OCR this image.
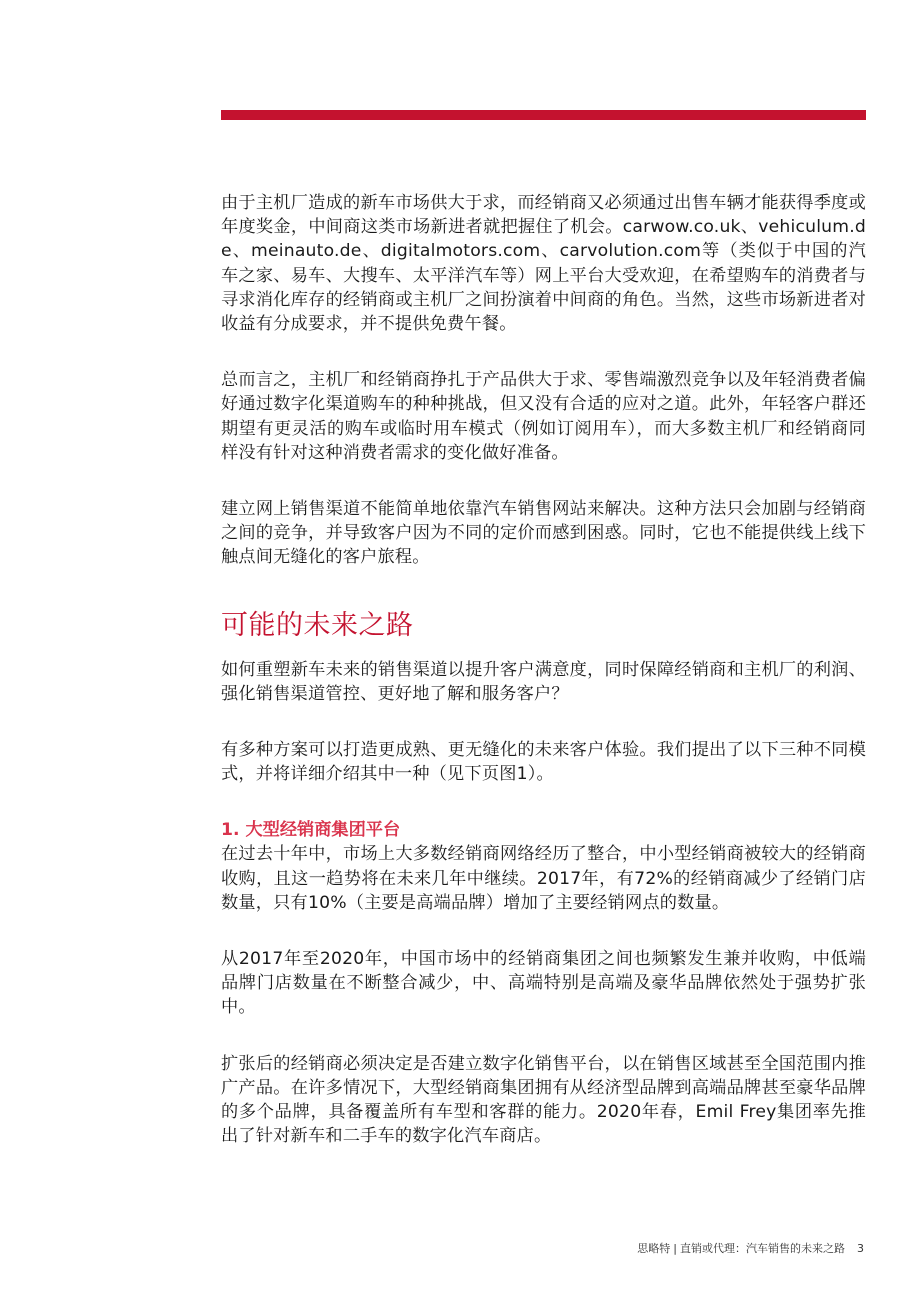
由于主机厂造成的新车市场供大于求，而经销商又必须通过出售车辆才能获得季度或年度奖金，中间商这类市场新进者就把握住了机会。carwow.co.uk、vehiculum.de、meinauto.de、digitalmotors.com、carvolution.com等（类似于中国的汽车之家、易车、大搜车、太平洋汽车等）网上平台大受欢迎，在希望购车的消费者与寻求消化库存的经销商或主机厂之间扮演着中间商的角色。当然，这些市场新进者对收益有分成要求，并不提供免费午餐。

总而言之，主机厂和经销商挣扎于产品供大于求、零售端激烈竞争以及年轻消费者偏好通过数字化渠道购车的种种挑战，但又没有合适的应对之道。此外，年轻客户群还期望有更灵活的购车或临时用车模式（例如订阅用车），而大多数主机厂和经销商同样没有针对这种消费者需求的变化做好准备。

建立网上销售渠道不能简单地依靠汽车销售网站来解决。这种方法只会加剧与经销商之间的竞争，并导致客户因为不同的定价而感到困惑。同时，它也不能提供线上线下触点间无缝化的客户旅程。

可能的未来之路

如何重塑新车未来的销售渠道以提升客户满意度，同时保障经销商和主机厂的利润、强化销售渠道管控、更好地了解和服务客户？

有多种方案可以打造更成熟、更无缝化的未来客户体验。我们提出了以下三种不同模式，并将详细介绍其中一种（见下页图1）。

1. 大型经销商集团平台

在过去十年中，市场上大多数经销商网络经历了整合，中小型经销商被较大的经销商收购，且这一趋势将在未来几年中继续。2017年，有72%的经销商减少了经销门店数量，只有10%（主要是高端品牌）增加了主要经销网点的数量。

从2017年至2020年，中国市场中的经销商集团之间也频繁发生兼并收购，中低端品牌门店数量在不断整合减少，中、高端特别是高端及豪华品牌依然处于强势扩张中。

扩张后的经销商必须决定是否建立数字化销售平台，以在销售区域甚至全国范围内推广产品。在许多情况下，大型经销商集团拥有从经济型品牌到高端品牌甚至豪华品牌的多个品牌，具备覆盖所有车型和客群的能力。2020年春，Emil Frey集团率先推出了针对新车和二手车的数字化汽车商店。

思略特 | 直销或代理：汽车销售的未来之路 3
